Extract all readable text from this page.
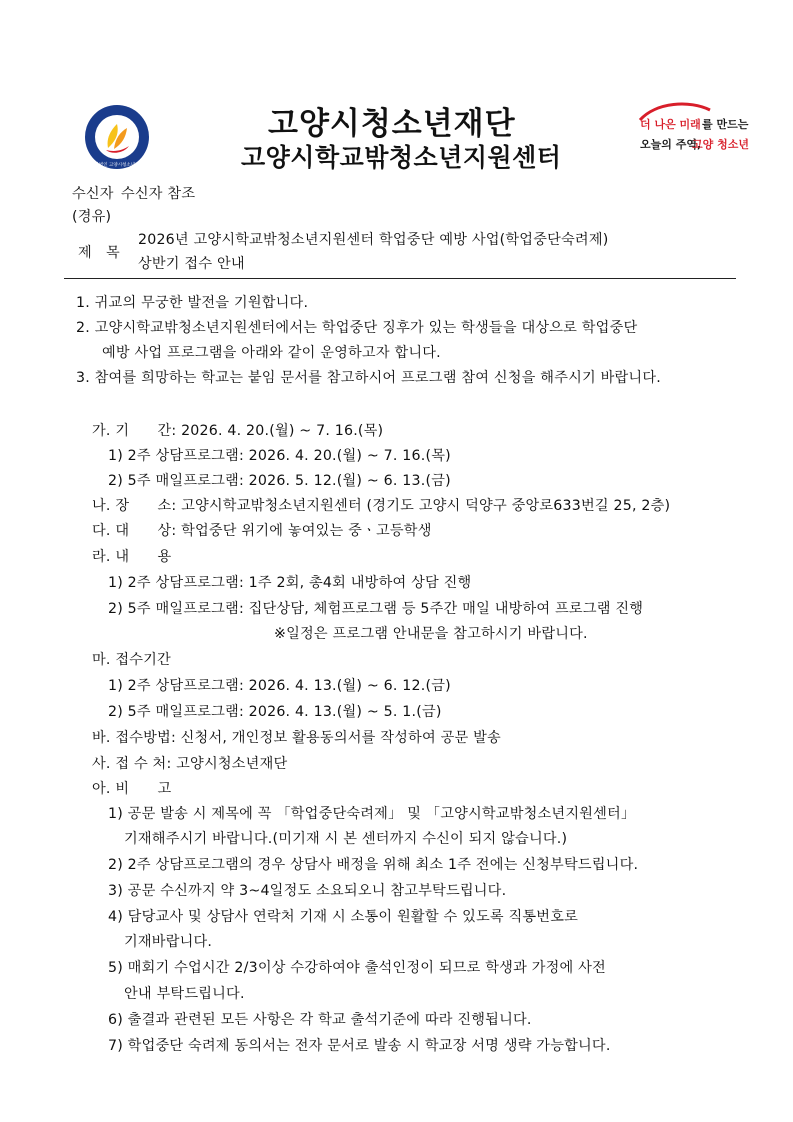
재단법인 고양시청소년재단
고양시청소년재단
고양시학교밖청소년지원센터
더 나은 미래 를 만드는
오늘의 주역,
고양 청소년
수신자 수신자 참조
(경유)
제   목
2026년 고양시학교밖청소년지원센터 학업중단 예방 사업(학업중단숙려제)
상반기 접수 안내
1. 귀교의 무궁한 발전을 기원합니다.
2. 고양시학교밖청소년지원센터에서는 학업중단 징후가 있는 학생들을 대상으로 학업중단
예방 사업 프로그램을 아래와 같이 운영하고자 합니다.
3. 참여를 희망하는 학교는 붙임 문서를 참고하시어 프로그램 참여 신청을 해주시기 바랍니다.
가. 기      간: 2026. 4. 20.(월) ~ 7. 16.(목)
1) 2주 상담프로그램: 2026. 4. 20.(월) ~ 7. 16.(목)
2) 5주 매일프로그램: 2026. 5. 12.(월) ~ 6. 13.(금)
나. 장      소: 고양시학교밖청소년지원센터 (경기도 고양시 덕양구 중앙로633번길 25, 2층)
다. 대      상: 학업중단 위기에 놓여있는 중ㆍ고등학생
라. 내      용
1) 2주 상담프로그램: 1주 2회, 총4회 내방하여 상담 진행
2) 5주 매일프로그램: 집단상담, 체험프로그램 등 5주간 매일 내방하여 프로그램 진행
※일정은 프로그램 안내문을 참고하시기 바랍니다.
마. 접수기간
1) 2주 상담프로그램: 2026. 4. 13.(월) ~ 6. 12.(금)
2) 5주 매일프로그램: 2026. 4. 13.(월) ~ 5. 1.(금)
바. 접수방법: 신청서, 개인정보 활용동의서를 작성하여 공문 발송
사. 접 수 처: 고양시청소년재단
아. 비      고
1) 공문 발송 시 제목에 꼭 「학업중단숙려제」 및 「고양시학교밖청소년지원센터」
기재해주시기 바랍니다.(미기재 시 본 센터까지 수신이 되지 않습니다.)
2) 2주 상담프로그램의 경우 상담사 배정을 위해 최소 1주 전에는 신청부탁드립니다.
3) 공문 수신까지 약 3~4일정도 소요되오니 참고부탁드립니다.
4) 담당교사 및 상담사 연락처 기재 시 소통이 원활할 수 있도록 직통번호로
기재바랍니다.
5) 매회기 수업시간 2/3이상 수강하여야 출석인정이 되므로 학생과 가정에 사전
안내 부탁드립니다.
6) 출결과 관련된 모든 사항은 각 학교 출석기준에 따라 진행됩니다.
7) 학업중단 숙려제 동의서는 전자 문서로 발송 시 학교장 서명 생략 가능합니다.
